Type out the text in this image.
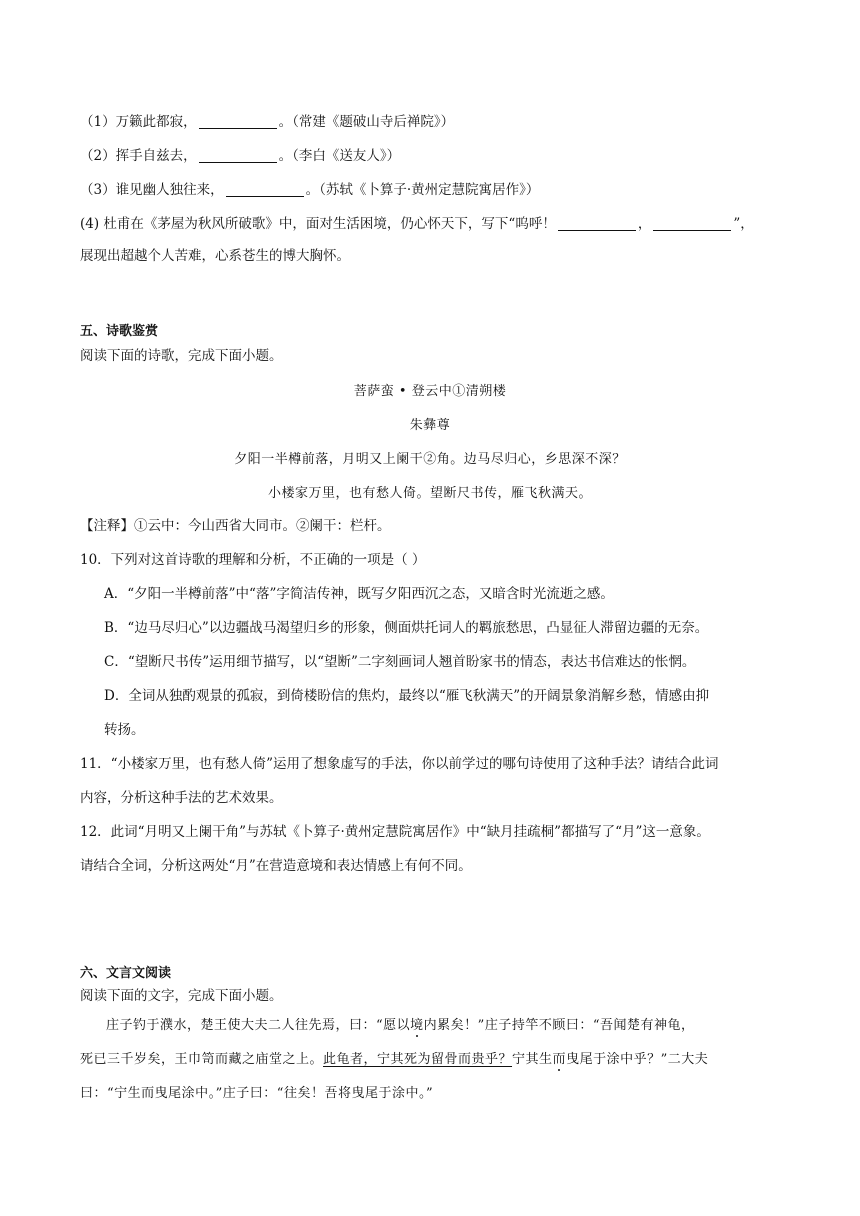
（1）万籁此都寂，	。（常建《题破山寺后禅院》）
（2）挥手自兹去，	。（李白《送友人》）
（3）谁见幽人独往来，	。（苏轼《卜算子·黄州定慧院寓居作》）
(4) 杜甫在《茅屋为秋风所破歌》中，面对生活困境，仍心怀天下，写下“呜呼！	，	”，
展现出超越个人苦难，心系苍生的博大胸怀。
五、诗歌鉴赏
阅读下面的诗歌，完成下面小题。
菩萨蛮 • 登云中①清朔楼
朱彝尊
夕阳一半樽前落，月明又上阑干②角。边马尽归心，乡思深不深？
小楼家万里，也有愁人倚。望断尺书传，雁飞秋满天。
【注释】①云中：今山西省大同市。②阑干：栏杆。
10．下列对这首诗歌的理解和分析，不正确的一项是（ ）
A．“夕阳一半樽前落”中“落”字简洁传神，既写夕阳西沉之态，又暗含时光流逝之感。
B．“边马尽归心”以边疆战马渴望归乡的形象，侧面烘托词人的羁旅愁思，凸显征人滞留边疆的无奈。
C．“望断尺书传”运用细节描写，以“望断”二字刻画词人翘首盼家书的情态，表达书信难达的怅惘。
D．全词从独酌观景的孤寂，到倚楼盼信的焦灼，最终以“雁飞秋满天”的开阔景象消解乡愁，情感由抑
转扬。
11．“小楼家万里，也有愁人倚”运用了想象虚写的手法，你以前学过的哪句诗使用了这种手法？请结合此词
内容，分析这种手法的艺术效果。
12．此词“月明又上阑干角”与苏轼《卜算子·黄州定慧院寓居作》中“缺月挂疏桐”都描写了“月”这一意象。
请结合全词，分析这两处“月”在营造意境和表达情感上有何不同。
六、文言文阅读
阅读下面的文字，完成下面小题。
庄子钓于濮水，楚王使大夫二人往先焉，曰：“愿以境内累矣！”庄子持竿不顾曰：“吾闻楚有神龟，
死已三千岁矣，王巾笥而藏之庙堂之上。此龟者，宁其死为留骨而贵乎？宁其生而曳尾于涂中乎？”二大夫
曰：“宁生而曳尾涂中。”庄子曰：“往矣！吾将曳尾于涂中。”
